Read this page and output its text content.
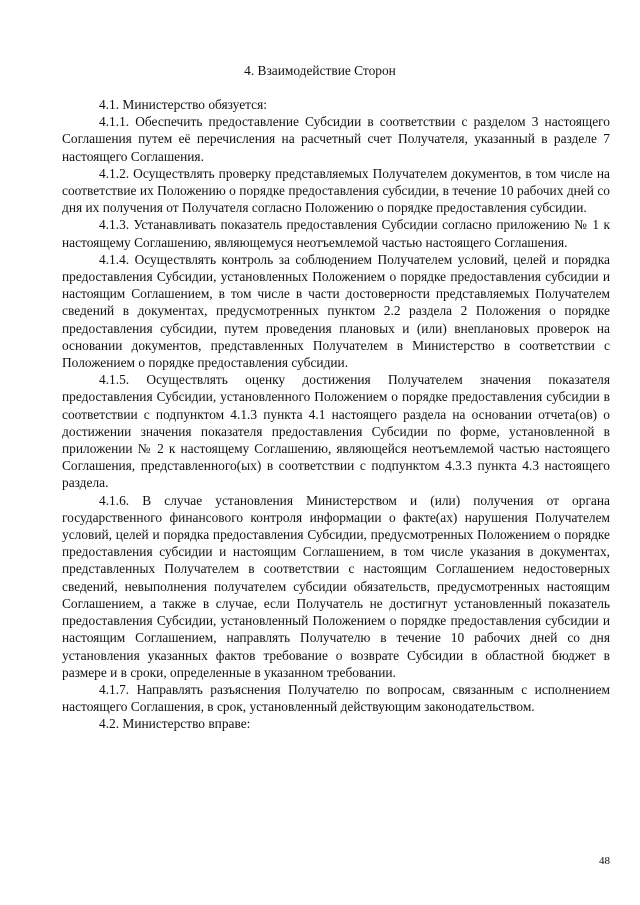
4. Взаимодействие Сторон

4.1. Министерство обязуется:

4.1.1. Обеспечить предоставление Субсидии в соответствии с разделом 3 настоящего Соглашения путем её перечисления на расчетный счет Получателя, указанный в разделе 7 настоящего Соглашения.

4.1.2. Осуществлять проверку представляемых Получателем документов, в том числе на соответствие их Положению о порядке предоставления субсидии, в течение 10 рабочих дней со дня их получения от Получателя согласно Положению о порядке предоставления субсидии.

4.1.3. Устанавливать показатель предоставления Субсидии согласно приложению № 1 к настоящему Соглашению, являющемуся неотъемлемой частью настоящего Соглашения.

4.1.4. Осуществлять контроль за соблюдением Получателем условий, целей и порядка предоставления Субсидии, установленных Положением о порядке предоставления субсидии и настоящим Соглашением, в том числе в части достоверности представляемых Получателем сведений в документах, предусмотренных пунктом 2.2 раздела 2 Положения о порядке предоставления субсидии, путем проведения плановых и (или) внеплановых проверок на основании документов, представленных Получателем в Министерство в соответствии с Положением о порядке предоставления субсидии.

4.1.5. Осуществлять оценку достижения Получателем значения показателя предоставления Субсидии, установленного Положением о порядке предоставления субсидии в соответствии с подпунктом 4.1.3 пункта 4.1 настоящего раздела на основании отчета(ов) о достижении значения показателя предоставления Субсидии по форме, установленной в приложении № 2 к настоящему Соглашению, являющейся неотъемлемой частью настоящего Соглашения, представленного(ых) в соответствии с подпунктом 4.3.3 пункта 4.3 настоящего раздела.

4.1.6. В случае установления Министерством и (или) получения от органа государственного финансового контроля информации о факте(ах) нарушения Получателем условий, целей и порядка предоставления Субсидии, предусмотренных Положением о порядке предоставления субсидии и настоящим Соглашением, в том числе указания в документах, представленных Получателем в соответствии с настоящим Соглашением недостоверных сведений, невыполнения получателем субсидии обязательств, предусмотренных настоящим Соглашением, а также в случае, если Получатель не достигнут установленный показатель предоставления Субсидии, установленный Положением о порядке предоставления субсидии и настоящим Соглашением, направлять Получателю в течение 10 рабочих дней со дня установления указанных фактов требование о возврате Субсидии в областной бюджет в размере и в сроки, определенные в указанном требовании.

4.1.7. Направлять разъяснения Получателю по вопросам, связанным с исполнением настоящего Соглашения, в срок, установленный действующим законодательством.

4.2. Министерство вправе:

48
